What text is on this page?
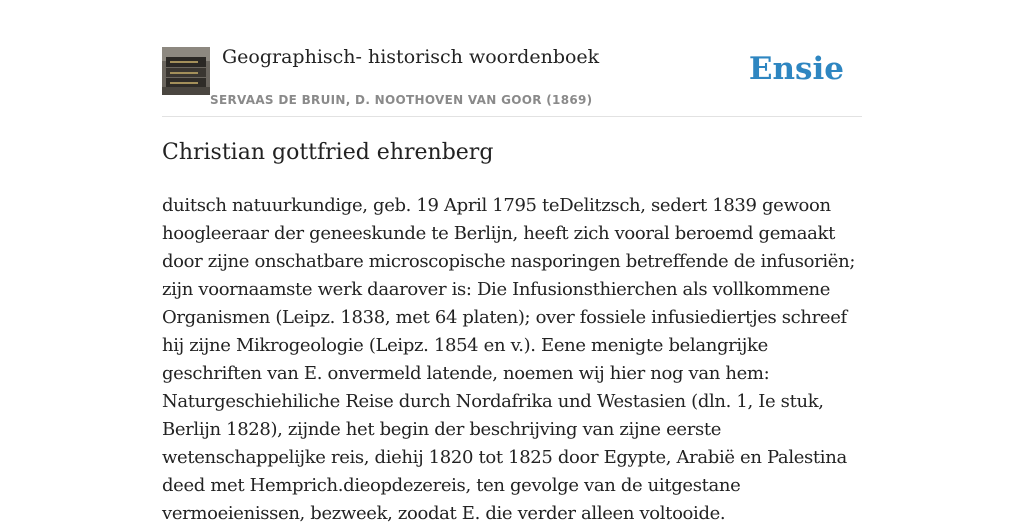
Geographisch- historisch woordenboek
SERVAAS DE BRUIN, D. NOOTHOVEN VAN GOOR (1869)
Ensie
Christian gottfried ehrenberg

duitsch natuurkundige, geb. 19 April 1795 teDelitzsch, sedert 1839 gewoon hoogleeraar der geneeskunde te Berlijn, heeft zich vooral beroemd gemaakt door zijne onschatbare microscopische nasporingen betreffende de infusoriën; zijn voornaamste werk daarover is: Die Infusionsthierchen als vollkommene Organismen (Leipz. 1838, met 64 platen); over fossiele infusiediertjes schreef hij zijne Mikrogeologie (Leipz. 1854 en v.). Eene menigte belangrijke geschriften van E. onvermeld latende, noemen wij hier nog van hem: Naturgeschiehiliche Reise durch Nordafrika und Westasien (dln. 1, Ie stuk, Berlijn 1828), zijnde het begin der beschrijving van zijne eerste wetenschappelijke reis, diehij 1820 tot 1825 door Egypte, Arabië en Palestina deed met Hemprich.dieopdezereis, ten gevolge van de uitgestane vermoeienissen, bezweek, zoodat E. die verder alleen voltooide.
